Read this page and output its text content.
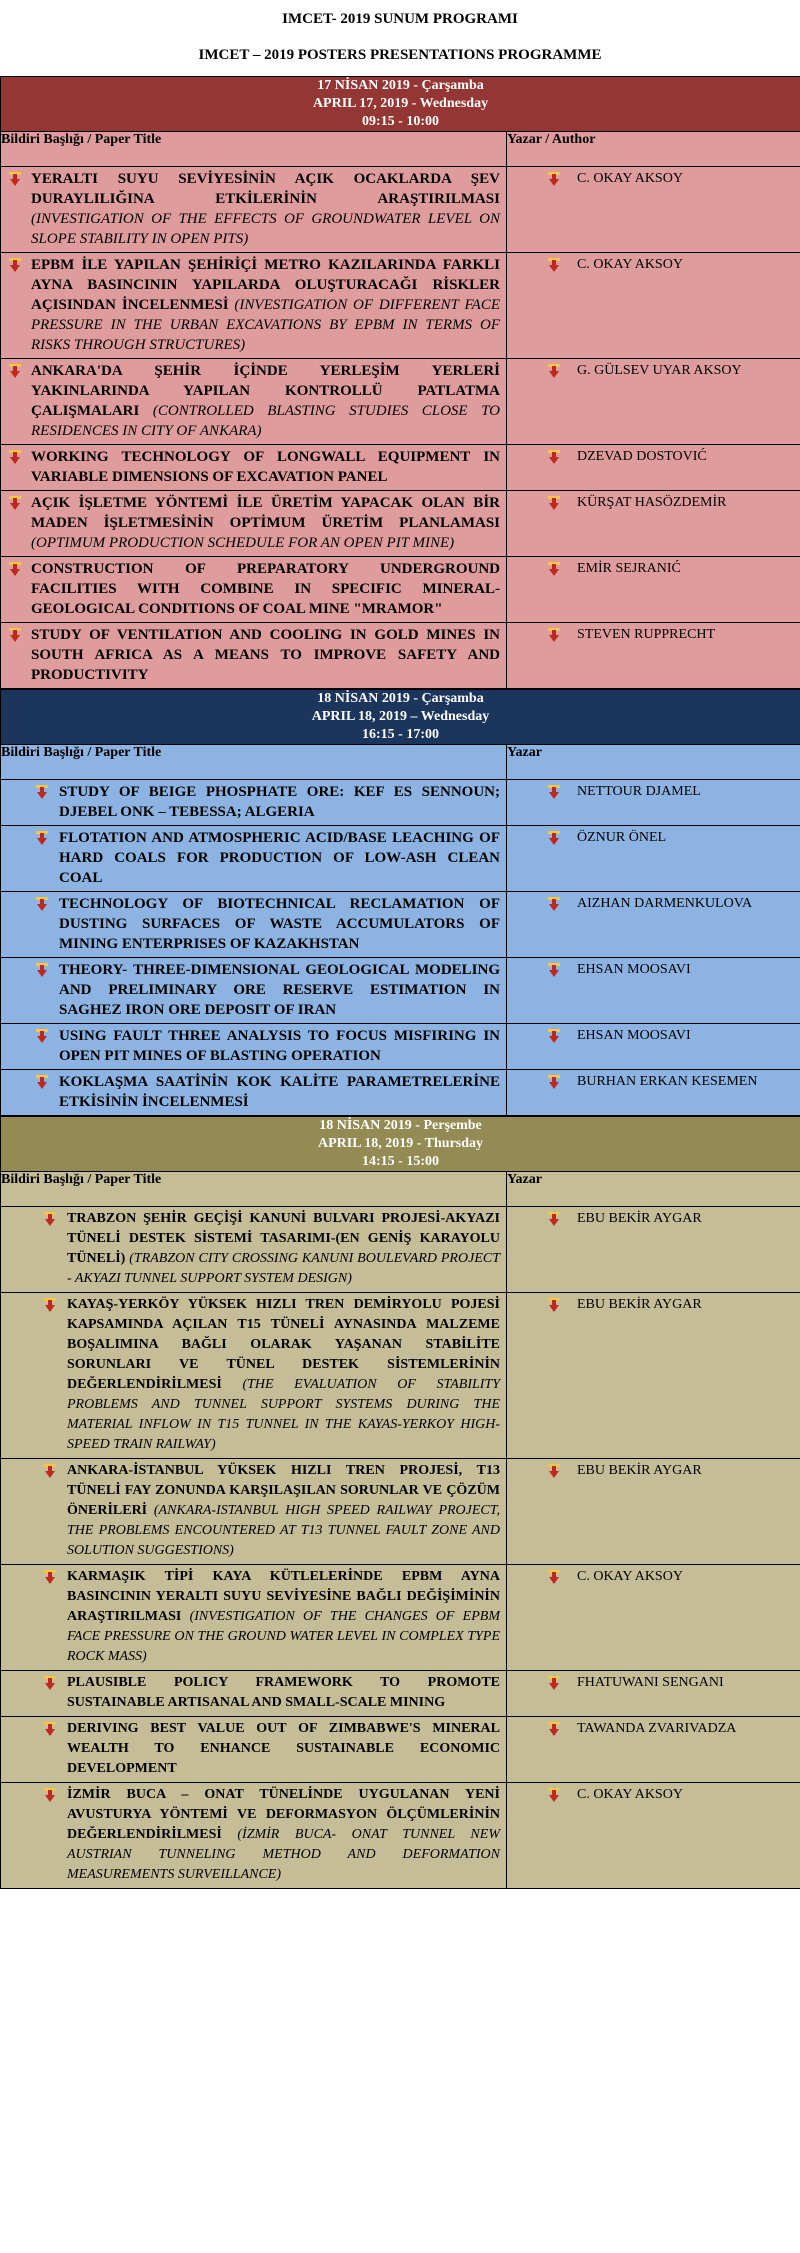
IMCET- 2019 SUNUM PROGRAMI
IMCET – 2019 POSTERS PRESENTATIONS PROGRAMME
17 NİSAN 2019 - Çarşamba
APRIL 17, 2019 - Wednesday
09:15 - 10:00	

Bildiri Başlığı / Paper Title	Yazar / Author

YERALTI SUYU SEVİYESİNİN AÇIK OCAKLARDA ŞEV DURAYLILIĞINA ETKİLERİNİN ARAŞTIRILMASI (INVESTIGATION OF THE EFFECTS OF GROUNDWATER LEVEL ON SLOPE STABILITY IN OPEN PITS)	C. OKAY AKSOY

EPBM İLE YAPILAN ŞEHİRİÇİ METRO KAZILARINDA FARKLI AYNA BASINCININ YAPILARDA OLUŞTURACAĞI RİSKLER AÇISINDAN İNCELENMESİ (INVESTIGATION OF DIFFERENT FACE PRESSURE IN THE URBAN EXCAVATIONS BY EPBM IN TERMS OF RISKS THROUGH STRUCTURES)	C. OKAY AKSOY

ANKARA'DA ŞEHİR İÇİNDE YERLEŞİM YERLERİ YAKINLARINDA YAPILAN KONTROLLÜ PATLATMA ÇALIŞMALARI (CONTROLLED BLASTING STUDIES CLOSE TO RESIDENCES IN CITY OF ANKARA)	G. GÜLSEV UYAR AKSOY

WORKING TECHNOLOGY OF LONGWALL EQUIPMENT IN VARIABLE DIMENSIONS OF EXCAVATION PANEL	DZEVAD DOSTOVIĆ

AÇIK İŞLETME YÖNTEMİ İLE ÜRETİM YAPACAK OLAN BİR MADEN İŞLETMESİNİN OPTİMUM ÜRETİM PLANLAMASI (OPTIMUM PRODUCTION SCHEDULE FOR AN OPEN PIT MINE)	KÜRŞAT HASÖZDEMİR

CONSTRUCTION OF PREPARATORY UNDERGROUND FACILITIES WITH COMBINE IN SPECIFIC MINERAL-GEOLOGICAL CONDITIONS OF COAL MINE "MRAMOR"	EMİR SEJRANIĆ

STUDY OF VENTILATION AND COOLING IN GOLD MINES IN SOUTH AFRICA AS A MEANS TO IMPROVE SAFETY AND PRODUCTIVITY	STEVEN RUPPRECHT
18 NİSAN 2019 - Çarşamba
APRIL 18, 2019 – Wednesday
16:15 - 17:00	

Bildiri Başlığı / Paper Title	Yazar

STUDY OF BEIGE PHOSPHATE ORE: KEF ES SENNOUN; DJEBEL ONK – TEBESSA; ALGERIA	NETTOUR DJAMEL

FLOTATION AND ATMOSPHERIC ACID/BASE LEACHING OF HARD COALS FOR PRODUCTION OF LOW-ASH CLEAN COAL	ÖZNUR ÖNEL

TECHNOLOGY OF BIOTECHNICAL RECLAMATION OF DUSTING SURFACES OF WASTE ACCUMULATORS OF MINING ENTERPRISES OF KAZAKHSTAN	AIZHAN DARMENKULOVA

THEORY- THREE-DIMENSIONAL GEOLOGICAL MODELING AND PRELIMINARY ORE RESERVE ESTIMATION IN SAGHEZ IRON ORE DEPOSIT OF IRAN	EHSAN MOOSAVI

USING FAULT THREE ANALYSIS TO FOCUS MISFIRING IN OPEN PIT MINES OF BLASTING OPERATION	EHSAN MOOSAVI

KOKLAŞMA SAATİNİN KOK KALİTE PARAMETRELERİNE ETKİSİNİN İNCELENMESİ	BURHAN ERKAN KESEMEN
18 NİSAN 2019 - Perşembe
APRIL 18, 2019 - Thursday
14:15 - 15:00	

Bildiri Başlığı / Paper Title	Yazar

TRABZON ŞEHİR GEÇİŞİ KANUNİ BULVARI PROJESİ-AKYAZI TÜNELİ DESTEK SİSTEMİ TASARIMI-(EN GENİŞ KARAYOLU TÜNELİ) (TRABZON CITY CROSSING KANUNI BOULEVARD PROJECT - AKYAZI TUNNEL SUPPORT SYSTEM DESIGN)	EBU BEKİR AYGAR

KAYAŞ-YERKÖY YÜKSEK HIZLI TREN DEMİRYOLU POJESİ KAPSAMINDA AÇILAN T15 TÜNELİ AYNASINDA MALZEME BOŞALIMINA BAĞLI OLARAK YAŞANAN STABİLİTE SORUNLARI VE TÜNEL DESTEK SİSTEMLERİNİN DEĞERLENDİRİLMESİ (THE EVALUATION OF STABILITY PROBLEMS AND TUNNEL SUPPORT SYSTEMS DURING THE MATERIAL INFLOW IN T15 TUNNEL IN THE KAYAS-YERKOY HIGH-SPEED TRAIN RAILWAY)	EBU BEKİR AYGAR

ANKARA-İSTANBUL YÜKSEK HIZLI TREN PROJESİ, T13 TÜNELİ FAY ZONUNDA KARŞILAŞILAN SORUNLAR VE ÇÖZÜM ÖNERİLERİ (ANKARA-ISTANBUL HIGH SPEED RAILWAY PROJECT, THE PROBLEMS ENCOUNTERED AT T13 TUNNEL FAULT ZONE AND SOLUTION SUGGESTIONS)	EBU BEKİR AYGAR

KARMAŞIK TİPİ KAYA KÜTLELERİNDE EPBM AYNA BASINCININ YERALTI SUYU SEVİYESİNE BAĞLI DEĞİŞİMİNİN ARAŞTIRILMASI (INVESTIGATION OF THE CHANGES OF EPBM FACE PRESSURE ON THE GROUND WATER LEVEL IN COMPLEX TYPE ROCK MASS)	C. OKAY AKSOY

PLAUSIBLE POLICY FRAMEWORK TO PROMOTE SUSTAINABLE ARTISANAL AND SMALL-SCALE MINING	FHATUWANI SENGANI

DERIVING BEST VALUE OUT OF ZIMBABWE'S MINERAL WEALTH TO ENHANCE SUSTAINABLE ECONOMIC DEVELOPMENT	TAWANDA ZVARIVADZA

İZMİR BUCA – ONAT TÜNELİNDE UYGULANAN YENİ AVUSTURYA YÖNTEMİ VE DEFORMASYON ÖLÇÜMLERİNİN DEĞERLENDİRİLMESİ (İZMİR BUCA- ONAT TUNNEL NEW AUSTRIAN TUNNELING METHOD AND DEFORMATION MEASUREMENTS SURVEILLANCE)	C. OKAY AKSOY
